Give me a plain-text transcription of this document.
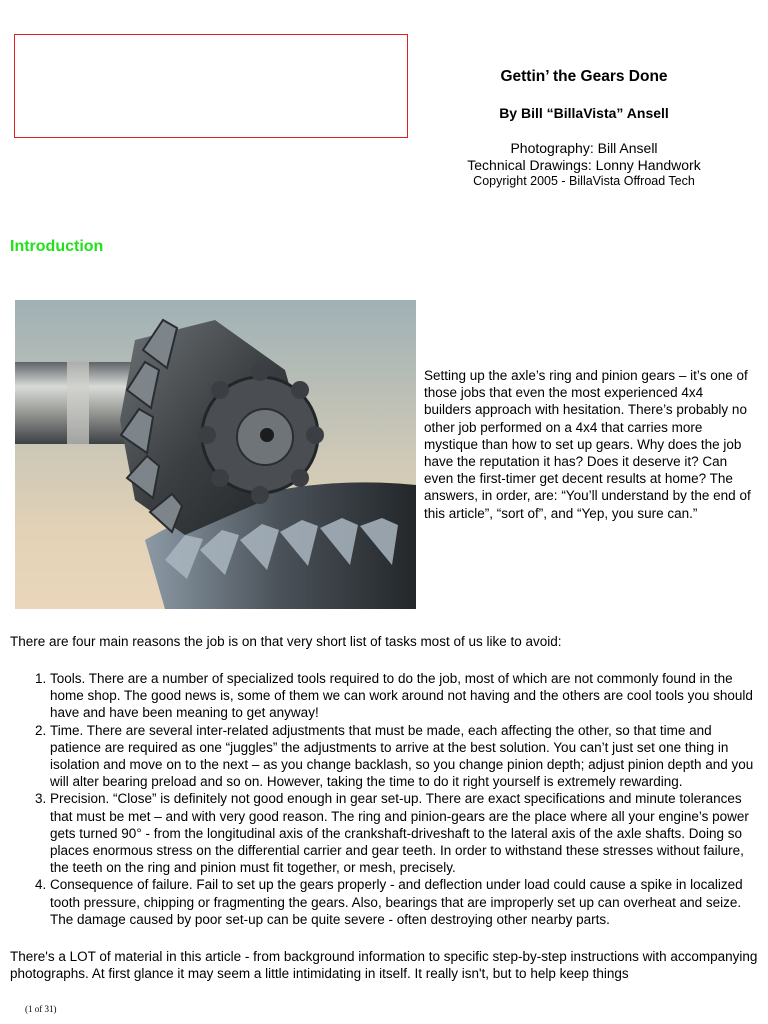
Gettin’ the Gears Done

By Bill “BillaVista” Ansell

Photography: Bill Ansell
Technical Drawings: Lonny Handwork
Copyright 2005 - BillaVista Offroad Tech
Introduction
Setting up the axle’s ring and pinion gears – it’s one of those jobs that even the most experienced 4x4 builders approach with hesitation. There’s probably no other job performed on a 4x4 that carries more mystique than how to set up gears. Why does the job have the reputation it has? Does it deserve it? Can even the first-timer get decent results at home? The answers, in order, are: “You’ll understand by the end of this article”, “sort of”, and “Yep, you sure can.”
There are four main reasons the job is on that very short list of tasks most of us like to avoid:
1. Tools. There are a number of specialized tools required to do the job, most of which are not commonly found in the home shop. The good news is, some of them we can work around not having and the others are cool tools you should have and have been meaning to get anyway!
2. Time. There are several inter-related adjustments that must be made, each affecting the other, so that time and patience are required as one “juggles” the adjustments to arrive at the best solution. You can’t just set one thing in isolation and move on to the next – as you change backlash, so you change pinion depth; adjust pinion depth and you will alter bearing preload and so on. However, taking the time to do it right yourself is extremely rewarding.
3. Precision. “Close” is definitely not good enough in gear set-up. There are exact specifications and minute tolerances that must be met – and with very good reason. The ring and pinion-gears are the place where all your engine’s power gets turned 90° - from the longitudinal axis of the crankshaft-driveshaft to the lateral axis of the axle shafts. Doing so places enormous stress on the differential carrier and gear teeth. In order to withstand these stresses without failure, the teeth on the ring and pinion must fit together, or mesh, precisely.
4. Consequence of failure. Fail to set up the gears properly - and deflection under load could cause a spike in localized tooth pressure, chipping or fragmenting the gears. Also, bearings that are improperly set up can overheat and seize. The damage caused by poor set-up can be quite severe - often destroying other nearby parts.
There's a LOT of material in this article - from background information to specific step-by-step instructions with accompanying photographs. At first glance it may seem a little intimidating in itself. It really isn't, but to help keep things
(1 of 31)
